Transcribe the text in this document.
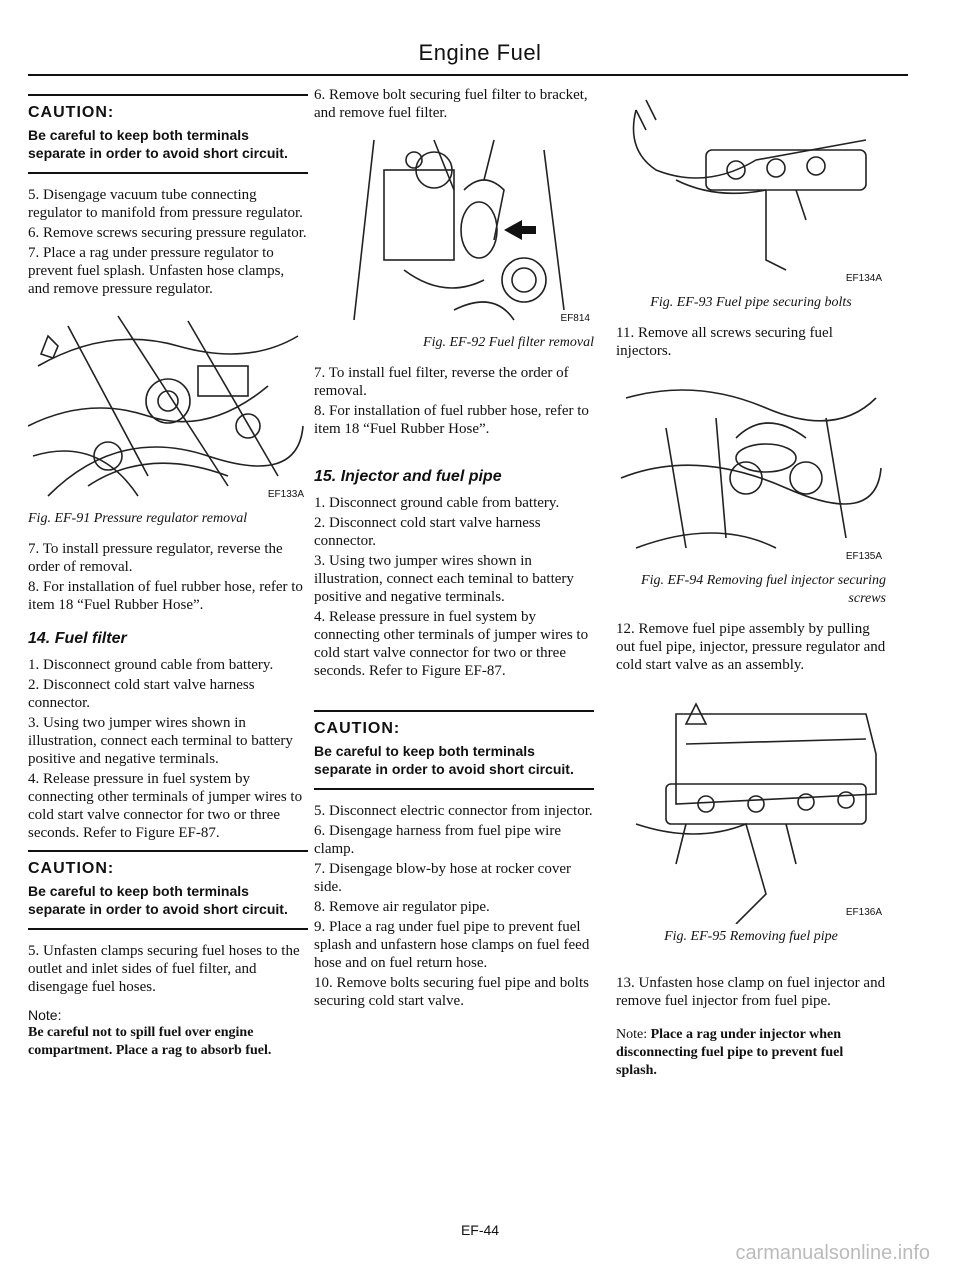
Engine Fuel
CAUTION:
Be careful to keep both terminals separate in order to avoid short circuit.

5. Disengage vacuum tube connecting regulator to manifold from pressure regulator.

6. Remove screws securing pressure regulator.

7. Place a rag under pressure regulator to prevent fuel splash. Unfasten hose clamps, and remove pressure regulator.

EF133A
Fig. EF-91 Pressure regulator removal

7. To install pressure regulator, reverse the order of removal.

8. For installation of fuel rubber hose, refer to item 18 “Fuel Rubber Hose”.

14. Fuel filter

1. Disconnect ground cable from battery.

2. Disconnect cold start valve harness connector.

3. Using two jumper wires shown in illustration, connect each terminal to battery positive and negative terminals.

4. Release pressure in fuel system by connecting other terminals of jumper wires to cold start valve connector for two or three seconds. Refer to Figure EF-87.

CAUTION:
Be careful to keep both terminals separate in order to avoid short circuit.

5. Unfasten clamps securing fuel hoses to the outlet and inlet sides of fuel filter, and disengage fuel hoses.

Note:
Be careful not to spill fuel over engine compartment. Place a rag to absorb fuel.

6. Remove bolt securing fuel filter to bracket, and remove fuel filter.

EF814
Fig. EF-92 Fuel filter removal

7. To install fuel filter, reverse the order of removal.

8. For installation of fuel rubber hose, refer to item 18 “Fuel Rubber Hose”.

15. Injector and fuel pipe

1. Disconnect ground cable from battery.

2. Disconnect cold start valve harness connector.

3. Using two jumper wires shown in illustration, connect each teminal to battery positive and negative terminals.

4. Release pressure in fuel system by connecting other terminals of jumper wires to cold start valve connector for two or three seconds. Refer to Figure EF-87.

CAUTION:
Be careful to keep both terminals separate in order to avoid short circuit.

5. Disconnect electric connector from injector.

6. Disengage harness from fuel pipe wire clamp.

7. Disengage blow-by hose at rocker cover side.

8. Remove air regulator pipe.

9. Place a rag under fuel pipe to prevent fuel splash and unfastern hose clamps on fuel feed hose and on fuel return hose.

10. Remove bolts securing fuel pipe and bolts securing cold start valve.

EF134A
Fig. EF-93 Fuel pipe securing bolts

11. Remove all screws securing fuel injectors.

EF135A
Fig. EF-94 Removing fuel injector securing screws

12. Remove fuel pipe assembly by pulling out fuel pipe, injector, pressure regulator and cold start valve as an assembly.

EF136A
Fig. EF-95 Removing fuel pipe

13. Unfasten hose clamp on fuel injector and remove fuel injector from fuel pipe.

Note: Place a rag under injector when disconnecting fuel pipe to prevent fuel splash.
EF-44
carmanualsonline.info
